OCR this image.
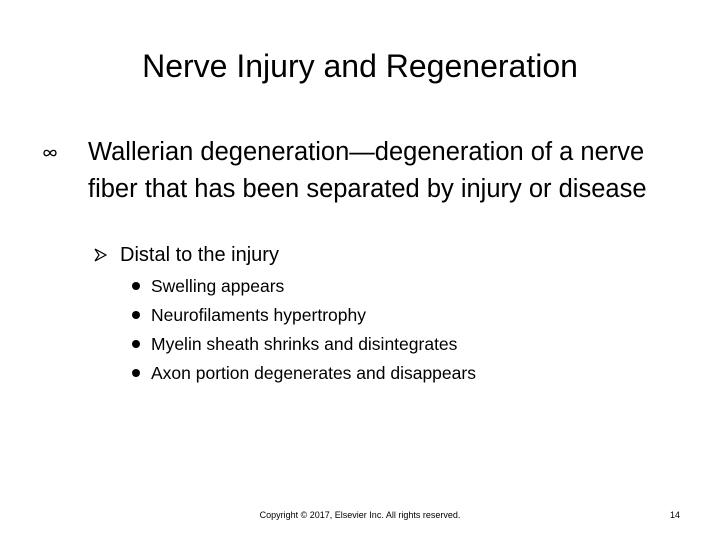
Nerve Injury and Regeneration
Wallerian degeneration—degeneration of a nerve fiber that has been separated by injury or disease
Distal to the injury
Swelling appears
Neurofilaments hypertrophy
Myelin sheath shrinks and disintegrates
Axon portion degenerates and disappears
Copyright © 2017, Elsevier Inc. All rights reserved.	14
